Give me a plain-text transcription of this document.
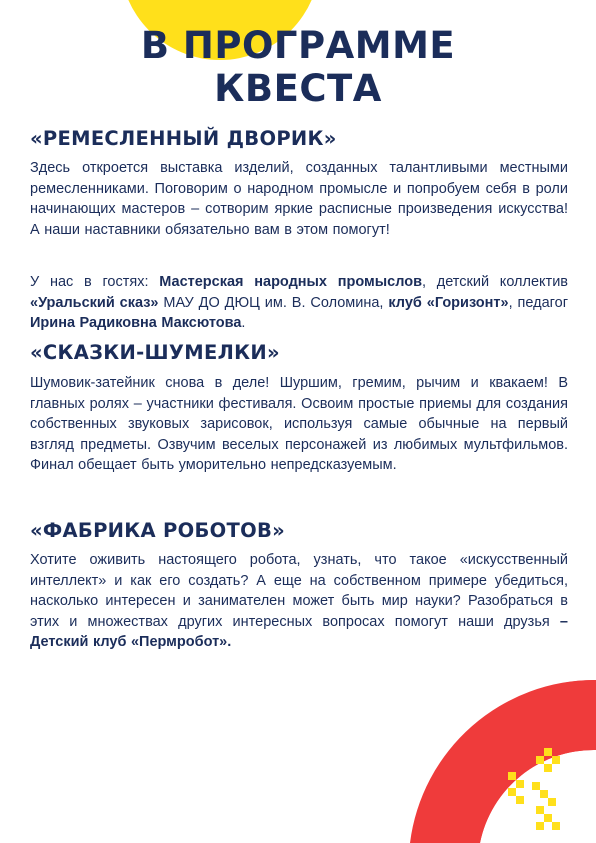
В ПРОГРАММЕ
КВЕСТА
«РЕМЕСЛЕННЫЙ ДВОРИК»

Здесь откроется выставка изделий, созданных талантливыми местными ремесленниками. Поговорим о народном промысле и попробуем себя в роли начинающих мастеров – сотворим яркие расписные произведения искусства! А наши наставники обязательно вам в этом помогут!

У нас в гостях: Мастерская народных промыслов, детский коллектив «Уральский сказ» МАУ ДО ДЮЦ им. В. Соломина, клуб «Горизонт», педагог Ирина Радиковна Максютова.

«СКАЗКИ-ШУМЕЛКИ»

Шумовик-затейник снова в деле! Шуршим, гремим, рычим и квакаем! В главных ролях – участники фестиваля. Освоим простые приемы для создания собственных звуковых зарисовок, используя самые обычные на первый взгляд предметы. Озвучим веселых персонажей из любимых мультфильмов. Финал обещает быть уморительно непредсказуемым.

«ФАБРИКА РОБОТОВ»

Хотите оживить настоящего робота, узнать, что такое «искусственный интеллект» и как его создать? А еще на собственном примере убедиться, насколько интересен и занимателен может быть мир науки? Разобраться в этих и множествах других интересных вопросах помогут наши друзья – Детский клуб «Пермробот».
